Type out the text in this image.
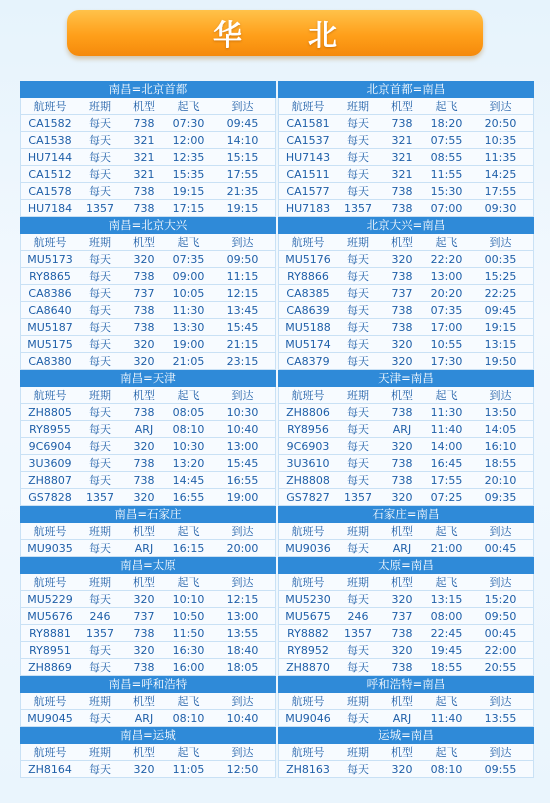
华 北
南昌=北京首都
航班号	班期	机型	起飞	到达
CA1582	每天	738	07:30	09:45
CA1538	每天	321	12:00	14:10
HU7144	每天	321	12:35	15:15
CA1512	每天	321	15:35	17:55
CA1578	每天	738	19:15	21:35
HU7184	1357	738	17:15	19:15
南昌=北京大兴
航班号	班期	机型	起飞	到达
MU5173	每天	320	07:35	09:50
RY8865	每天	738	09:00	11:15
CA8386	每天	737	10:05	12:15
CA8640	每天	738	11:30	13:45
MU5187	每天	738	13:30	15:45
MU5175	每天	320	19:00	21:15
CA8380	每天	320	21:05	23:15
南昌=天津
航班号	班期	机型	起飞	到达
ZH8805	每天	738	08:05	10:30
RY8955	每天	ARJ	08:10	10:40
9C6904	每天	320	10:30	13:00
3U3609	每天	738	13:20	15:45
ZH8807	每天	738	14:45	16:55
GS7828	1357	320	16:55	19:00
南昌=石家庄
航班号	班期	机型	起飞	到达
MU9035	每天	ARJ	16:15	20:00
南昌=太原
航班号	班期	机型	起飞	到达
MU5229	每天	320	10:10	12:15
MU5676	246	737	10:50	13:00
RY8881	1357	738	11:50	13:55
RY8951	每天	320	16:30	18:40
ZH8869	每天	738	16:00	18:05
南昌=呼和浩特
航班号	班期	机型	起飞	到达
MU9045	每天	ARJ	08:10	10:40
南昌=运城
航班号	班期	机型	起飞	到达
ZH8164	每天	320	11:05	12:50
北京首都=南昌
航班号	班期	机型	起飞	到达
CA1581	每天	738	18:20	20:50
CA1537	每天	321	07:55	10:35
HU7143	每天	321	08:55	11:35
CA1511	每天	321	11:55	14:25
CA1577	每天	738	15:30	17:55
HU7183	1357	738	07:00	09:30
北京大兴=南昌
航班号	班期	机型	起飞	到达
MU5176	每天	320	22:20	00:35
RY8866	每天	738	13:00	15:25
CA8385	每天	737	20:20	22:25
CA8639	每天	738	07:35	09:45
MU5188	每天	738	17:00	19:15
MU5174	每天	320	10:55	13:15
CA8379	每天	320	17:30	19:50
天津=南昌
航班号	班期	机型	起飞	到达
ZH8806	每天	738	11:30	13:50
RY8956	每天	ARJ	11:40	14:05
9C6903	每天	320	14:00	16:10
3U3610	每天	738	16:45	18:55
ZH8808	每天	738	17:55	20:10
GS7827	1357	320	07:25	09:35
石家庄=南昌
航班号	班期	机型	起飞	到达
MU9036	每天	ARJ	21:00	00:45
太原=南昌
航班号	班期	机型	起飞	到达
MU5230	每天	320	13:15	15:20
MU5675	246	737	08:00	09:50
RY8882	1357	738	22:45	00:45
RY8952	每天	320	19:45	22:00
ZH8870	每天	738	18:55	20:55
呼和浩特=南昌
航班号	班期	机型	起飞	到达
MU9046	每天	ARJ	11:40	13:55
运城=南昌
航班号	班期	机型	起飞	到达
ZH8163	每天	320	08:10	09:55
